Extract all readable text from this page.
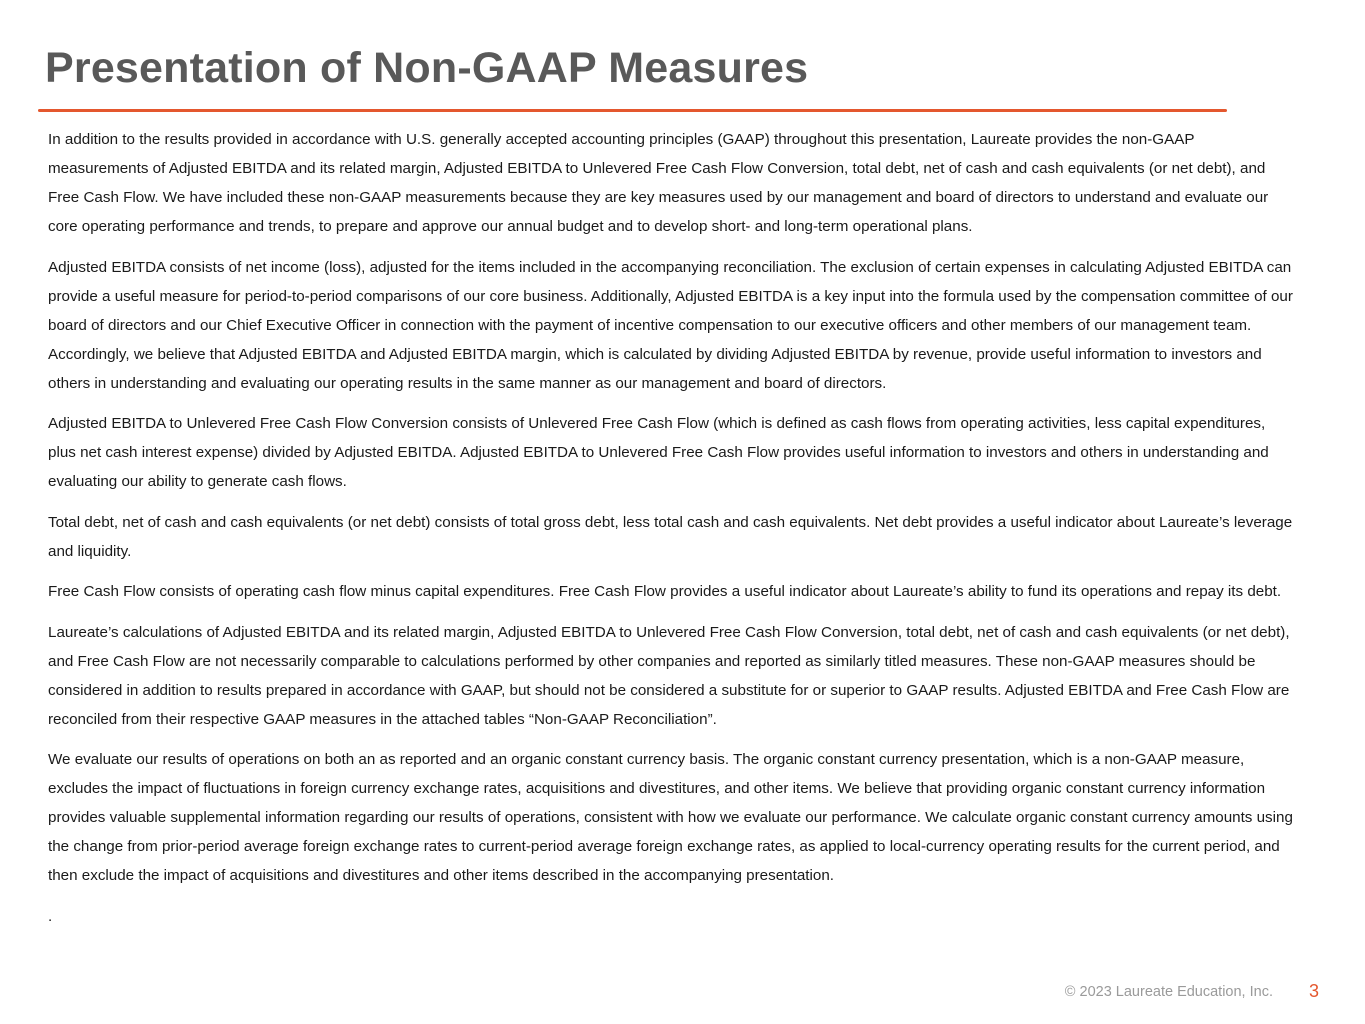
Presentation of Non-GAAP Measures

In addition to the results provided in accordance with U.S. generally accepted accounting principles (GAAP) throughout this presentation, Laureate provides the non-GAAP measurements of Adjusted EBITDA and its related margin, Adjusted EBITDA to Unlevered Free Cash Flow Conversion, total debt, net of cash and cash equivalents (or net debt), and Free Cash Flow. We have included these non-GAAP measurements because they are key measures used by our management and board of directors to understand and evaluate our core operating performance and trends, to prepare and approve our annual budget and to develop short- and long-term operational plans.

Adjusted EBITDA consists of net income (loss), adjusted for the items included in the accompanying reconciliation. The exclusion of certain expenses in calculating Adjusted EBITDA can provide a useful measure for period-to-period comparisons of our core business. Additionally, Adjusted EBITDA is a key input into the formula used by the compensation committee of our board of directors and our Chief Executive Officer in connection with the payment of incentive compensation to our executive officers and other members of our management team. Accordingly, we believe that Adjusted EBITDA and Adjusted EBITDA margin, which is calculated by dividing Adjusted EBITDA by revenue, provide useful information to investors and others in understanding and evaluating our operating results in the same manner as our management and board of directors.

Adjusted EBITDA to Unlevered Free Cash Flow Conversion consists of Unlevered Free Cash Flow (which is defined as cash flows from operating activities, less capital expenditures, plus net cash interest expense) divided by Adjusted EBITDA. Adjusted EBITDA to Unlevered Free Cash Flow provides useful information to investors and others in understanding and evaluating our ability to generate cash flows.

Total debt, net of cash and cash equivalents (or net debt) consists of total gross debt, less total cash and cash equivalents. Net debt provides a useful indicator about Laureate’s leverage and liquidity.

Free Cash Flow consists of operating cash flow minus capital expenditures. Free Cash Flow provides a useful indicator about Laureate’s ability to fund its operations and repay its debt.

Laureate’s calculations of Adjusted EBITDA and its related margin, Adjusted EBITDA to Unlevered Free Cash Flow Conversion, total debt, net of cash and cash equivalents (or net debt), and Free Cash Flow are not necessarily comparable to calculations performed by other companies and reported as similarly titled measures. These non-GAAP measures should be considered in addition to results prepared in accordance with GAAP, but should not be considered a substitute for or superior to GAAP results. Adjusted EBITDA and Free Cash Flow are reconciled from their respective GAAP measures in the attached tables “Non-GAAP Reconciliation”.

We evaluate our results of operations on both an as reported and an organic constant currency basis. The organic constant currency presentation, which is a non-GAAP measure, excludes the impact of fluctuations in foreign currency exchange rates, acquisitions and divestitures, and other items. We believe that providing organic constant currency information provides valuable supplemental information regarding our results of operations, consistent with how we evaluate our performance. We calculate organic constant currency amounts using the change from prior-period average foreign exchange rates to current-period average foreign exchange rates, as applied to local-currency operating results for the current period, and then exclude the impact of acquisitions and divestitures and other items described in the accompanying presentation.

.

© 2023 Laureate Education, Inc. 3
